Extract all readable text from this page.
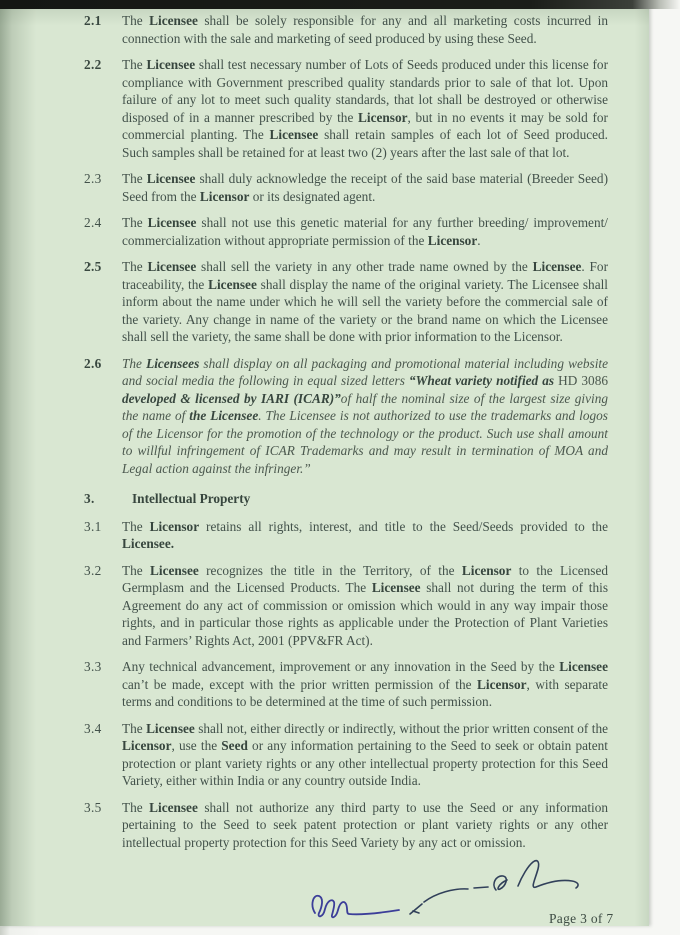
2.1	The Licensee shall be solely responsible for any and all marketing costs incurred in connection with the sale and marketing of seed produced by using these Seed.
2.2	The Licensee shall test necessary number of Lots of Seeds produced under this license for compliance with Government prescribed quality standards prior to sale of that lot. Upon failure of any lot to meet such quality standards, that lot shall be destroyed or otherwise disposed of in a manner prescribed by the Licensor, but in no events it may be sold for commercial planting. The Licensee shall retain samples of each lot of Seed produced. Such samples shall be retained for at least two (2) years after the last sale of that lot.
2.3	The Licensee shall duly acknowledge the receipt of the said base material (Breeder Seed) Seed from the Licensor or its designated agent.
2.4	The Licensee shall not use this genetic material for any further breeding/ improvement/ commercialization without appropriate permission of the Licensor.
2.5	The Licensee shall sell the variety in any other trade name owned by the Licensee. For traceability, the Licensee shall display the name of the original variety. The Licensee shall inform about the name under which he will sell the variety before the commercial sale of the variety. Any change in name of the variety or the brand name on which the Licensee shall sell the variety, the same shall be done with prior information to the Licensor.
2.6	The Licensees shall display on all packaging and promotional material including website and social media the following in equal sized letters “Wheat variety notified as HD 3086 developed & licensed by IARI (ICAR)”of half the nominal size of the largest size giving the name of the Licensee. The Licensee is not authorized to use the trademarks and logos of the Licensor for the promotion of the technology or the product. Such use shall amount to willful infringement of ICAR Trademarks and may result in termination of MOA and Legal action against the infringer.”
3.	Intellectual Property
3.1	The Licensor retains all rights, interest, and title to the Seed/Seeds provided to the Licensee.
3.2	The Licensee recognizes the title in the Territory, of the Licensor to the Licensed Germplasm and the Licensed Products. The Licensee shall not during the term of this Agreement do any act of commission or omission which would in any way impair those rights, and in particular those rights as applicable under the Protection of Plant Varieties and Farmers’ Rights Act, 2001 (PPV&FR Act).
3.3	Any technical advancement, improvement or any innovation in the Seed by the Licensee can’t be made, except with the prior written permission of the Licensor, with separate terms and conditions to be determined at the time of such permission.
3.4	The Licensee shall not, either directly or indirectly, without the prior written consent of the Licensor, use the Seed or any information pertaining to the Seed to seek or obtain patent protection or plant variety rights or any other intellectual property protection for this Seed Variety, either within India or any country outside India.
3.5	The Licensee shall not authorize any third party to use the Seed or any information pertaining to the Seed to seek patent protection or plant variety rights or any other intellectual property protection for this Seed Variety by any act or omission.
Page 3 of 7
